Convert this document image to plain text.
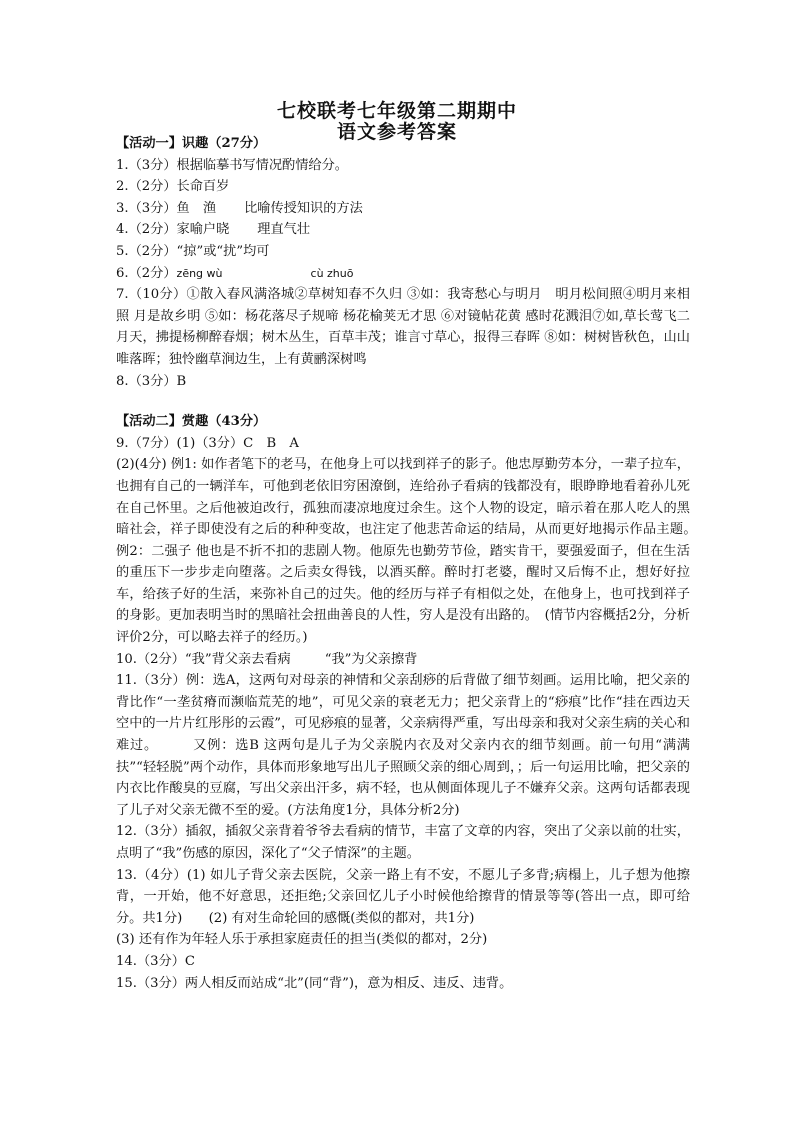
七校联考七年级第二期期中
语文参考答案
【活动一】识趣（27分）
1.（3分）根据临摹书写情况酌情给分。
2.（2分）长命百岁
3.（3分）鱼　渔 比喻传授知识的方法
4.（2分）家喻户晓 理直气壮
5.（2分）“掠”或“扰”均可
6.（2分）zēng wù	cù zhuō
7.（10分）①散入春风满洛城②草树知春不久归 ③如：我寄愁心与明月　明月松间照④明月来相照 月是故乡明 ⑤如：杨花落尽子规啼 杨花榆荚无才思 ⑥对镜帖花黄 感时花溅泪⑦如,草长莺飞二月天，拂提杨柳醉春烟；树木丛生，百草丰茂；谁言寸草心，报得三春晖 ⑧如：树树皆秋色，山山唯落晖；独怜幽草涧边生，上有黄鹂深树鸣
8.（3分）B
【活动二】赏趣（43分）
9.（7分）(1)（3分）C　B　A
(2)(4分) 例1: 如作者笔下的老马，在他身上可以找到祥子的影子。他忠厚勤劳本分，一辈子拉车，也拥有自己的一辆洋车，可他到老依旧穷困潦倒，连给孙子看病的钱都没有，眼睁睁地看着孙儿死在自己怀里。之后他被迫改行，孤独而凄凉地度过余生。这个人物的设定，暗示着在那人吃人的黑暗社会，祥子即使没有之后的种种变故，也注定了他悲苦命运的结局，从而更好地揭示作品主题。　　　　例2：二强子 他也是不折不扣的悲剧人物。他原先也勤劳节俭，踏实肯干，要强爱面子，但在生活的重压下一步步走向堕落。之后卖女得钱，以酒买醉。醉时打老婆，醒时又后悔不止，想好好拉车，给孩子好的生活，来弥补自己的过失。他的经历与祥子有相似之处，在他身上，也可找到祥子的身影。更加表明当时的黑暗社会扭曲善良的人性，穷人是没有出路的。　(情节内容概括2分，分析评价2分，可以略去祥子的经历。)
10.（2分）“我”背父亲去看病	“我”为父亲擦背
11.（3分）例：选A，这两句对母亲的神情和父亲刮痧的后背做了细节刻画。运用比喻，把父亲的背比作“一垄贫瘠而濒临荒芜的地”，可见父亲的衰老无力；把父亲背上的“痧痕”比作“挂在西边天空中的一片片红彤彤的云霞”，可见痧痕的显著，父亲病得严重，写出母亲和我对父亲生病的关心和难过。　　　又例：选B 这两句是儿子为父亲脱内衣及对父亲内衣的细节刻画。前一句用“满满扶”“轻轻脱”两个动作，具体而形象地写出儿子照顾父亲的细心周到，；后一句运用比喻，把父亲的内衣比作酸臭的豆腐，写出父亲出汗多，病不轻，也从侧面体现儿子不嫌弃父亲。这两句话都表现了儿子对父亲无微不至的爱。(方法角度1分，具体分析2分)
12.（3分）插叙，插叙父亲背着爷爷去看病的情节，丰富了文章的内容，突出了父亲以前的壮实，点明了“我”伤感的原因，深化了“父子情深”的主题。
13.（4分）(1) 如儿子背父亲去医院，父亲一路上有不安，不愿儿子多背;病榻上，儿子想为他擦背，一开始，他不好意思，还拒绝;父亲回忆儿子小时候他给擦背的情景等等(答出一点，即可给分。共1分)　　(2) 有对生命轮回的感慨(类似的都对，共1分)
(3) 还有作为年轻人乐于承担家庭责任的担当(类似的都对，2分)
14.（3分）C
15.（3分）两人相反而站成“北”(同“背”)，意为相反、违反、违背。
